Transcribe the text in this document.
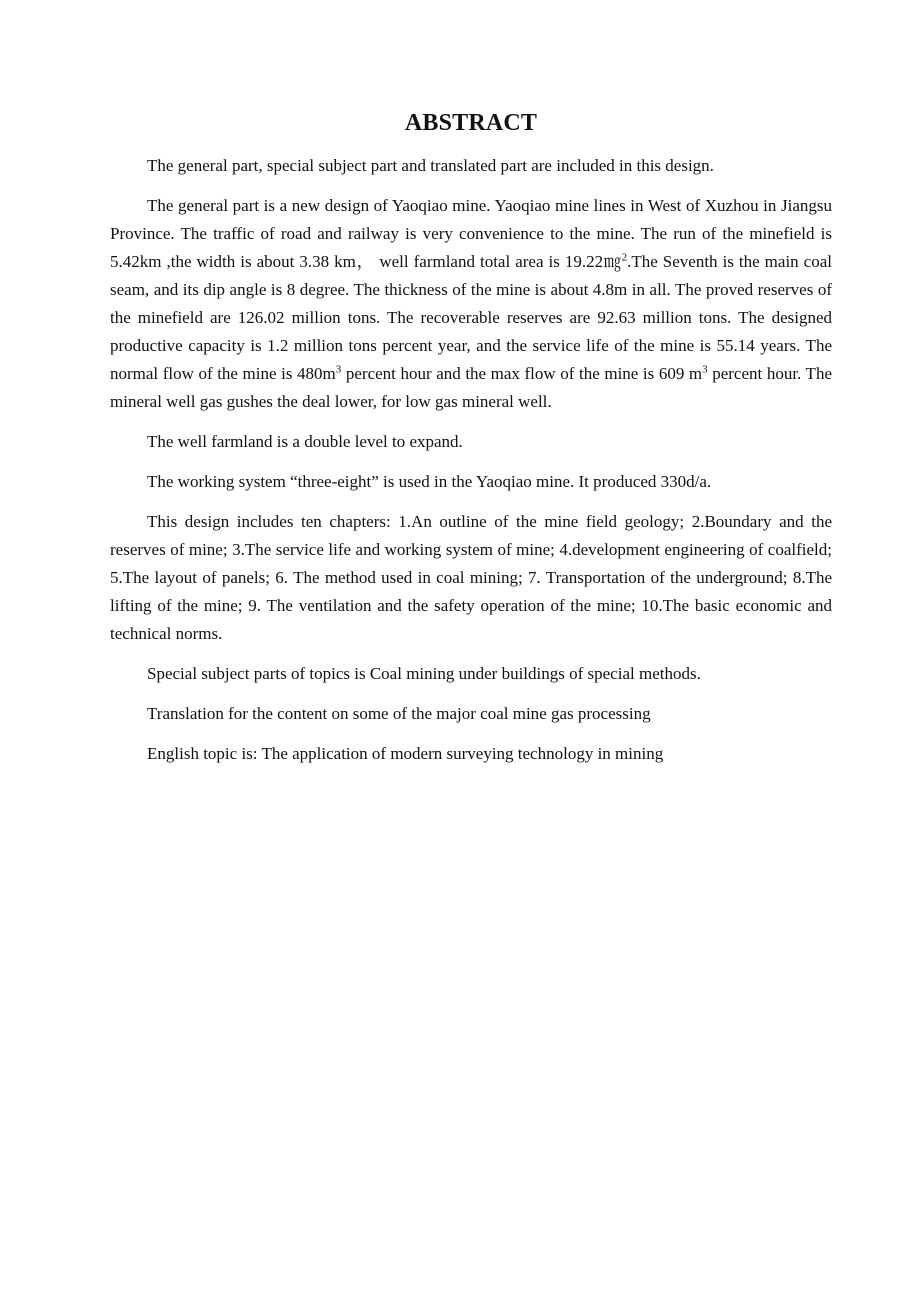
ABSTRACT

The general part, special subject part and translated part are included in this design.

The general part is a new design of Yaoqiao mine. Yaoqiao mine lines in West of Xuzhou in Jiangsu Province. The traffic of road and railway is very convenience to the mine. The run of the minefield is 5.42km ,the width is about 3.38 km， well farmland total area is 19.22㎎$^2$.The Seventh is the main coal seam, and its dip angle is 8 degree. The thickness of the mine is about 4.8m in all. The proved reserves of the minefield are 126.02 million tons. The recoverable reserves are 92.63 million tons. The designed productive capacity is 1.2 million tons percent year, and the service life of the mine is 55.14 years. The normal flow of the mine is $480m^3$ percent hour and the max flow of the mine is 609 $m^3$ percent hour. The mineral well gas gushes the deal lower, for low gas mineral well.

The well farmland is a double level to expand.

The working system “three-eight” is used in the Yaoqiao mine. It produced 330d/a.

This design includes ten chapters: 1.An outline of the mine field geology; 2.Boundary and the reserves of mine; 3.The service life and working system of mine; 4.development engineering of coalfield; 5.The layout of panels; 6. The method used in coal mining; 7. Transportation of the underground; 8.The lifting of the mine; 9. The ventilation and the safety operation of the mine; 10.The basic economic and technical norms.

Special subject parts of topics is Coal mining under buildings of special methods.

Translation for the content on some of the major coal mine gas processing

English topic is: The application of modern surveying technology in mining
